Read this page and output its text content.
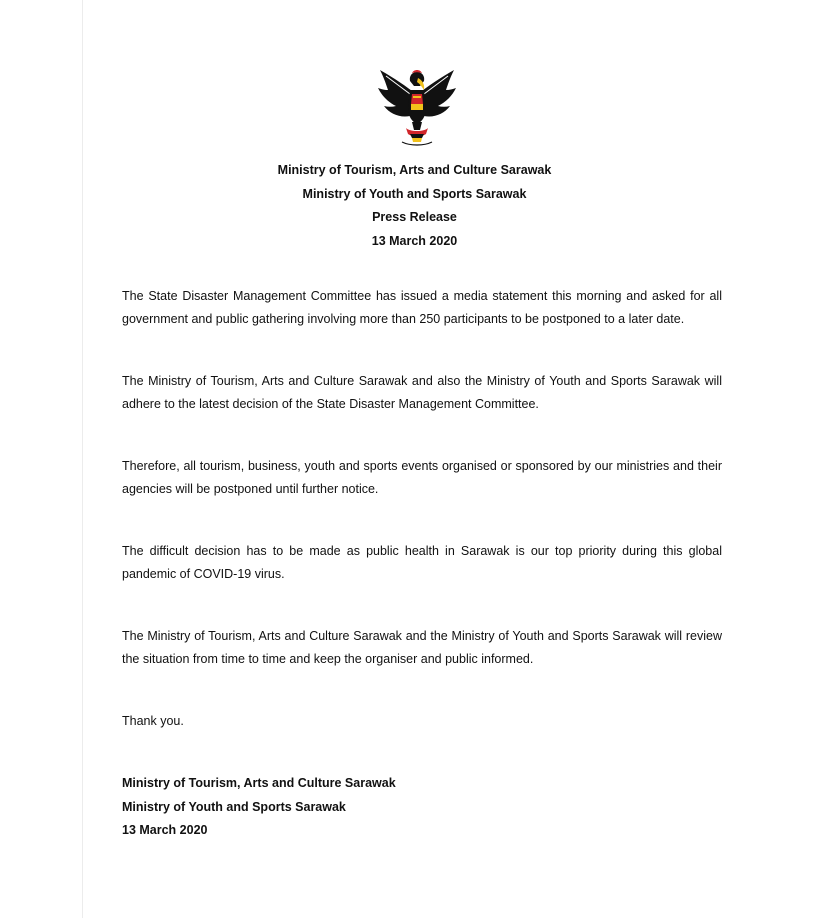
Ministry of Tourism, Arts and Culture Sarawak
Ministry of Youth and Sports Sarawak
Press Release
13 March 2020

The State Disaster Management Committee has issued a media statement this morning and asked for all government and public gathering involving more than 250 participants to be postponed to a later date.

The Ministry of Tourism, Arts and Culture Sarawak and also the Ministry of Youth and Sports Sarawak will adhere to the latest decision of the State Disaster Management Committee.

Therefore, all tourism, business, youth and sports events organised or sponsored by our ministries and their agencies will be postponed until further notice.

The difficult decision has to be made as public health in Sarawak is our top priority during this global pandemic of COVID-19 virus.

The Ministry of Tourism, Arts and Culture Sarawak and the Ministry of Youth and Sports Sarawak will review the situation from time to time and keep the organiser and public informed.

Thank you.

Ministry of Tourism, Arts and Culture Sarawak
Ministry of Youth and Sports Sarawak
13 March 2020
